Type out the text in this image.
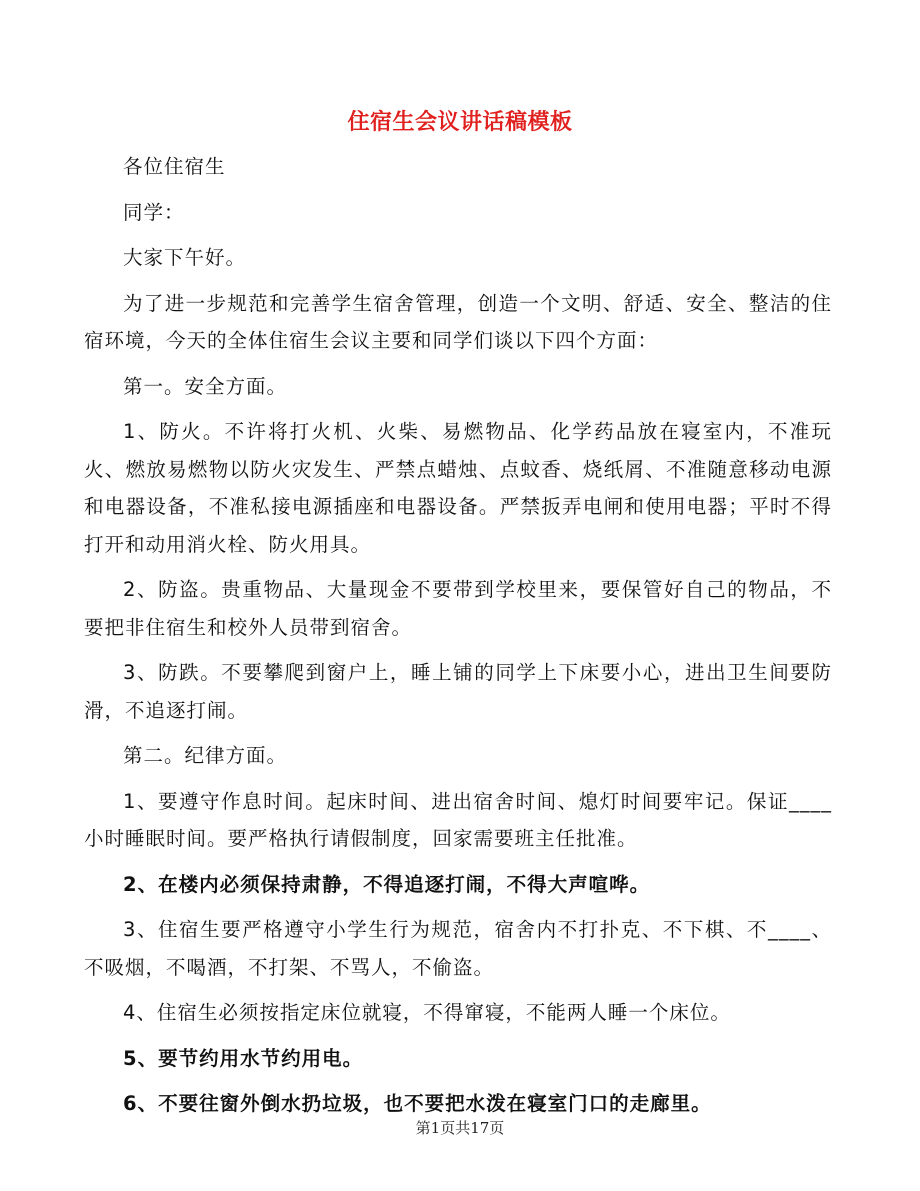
住宿生会议讲话稿模板

各位住宿生

同学：

大家下午好。

为了进一步规范和完善学生宿舍管理，创造一个文明、舒适、安全、整洁的住宿环境，今天的全体住宿生会议主要和同学们谈以下四个方面：

第一。安全方面。

1、防火。不许将打火机、火柴、易燃物品、化学药品放在寝室内，不准玩火、燃放易燃物以防火灾发生、严禁点蜡烛、点蚊香、烧纸屑、不准随意移动电源和电器设备，不准私接电源插座和电器设备。严禁扳弄电闸和使用电器；平时不得打开和动用消火栓、防火用具。

2、防盗。贵重物品、大量现金不要带到学校里来，要保管好自己的物品，不要把非住宿生和校外人员带到宿舍。

3、防跌。不要攀爬到窗户上，睡上铺的同学上下床要小心，进出卫生间要防滑，不追逐打闹。

第二。纪律方面。

1、要遵守作息时间。起床时间、进出宿舍时间、熄灯时间要牢记。保证____小时睡眠时间。要严格执行请假制度，回家需要班主任批准。

2、在楼内必须保持肃静，不得追逐打闹，不得大声喧哗。

3、住宿生要严格遵守小学生行为规范，宿舍内不打扑克、不下棋、不____、不吸烟，不喝酒，不打架、不骂人，不偷盗。

4、住宿生必须按指定床位就寝，不得窜寝，不能两人睡一个床位。

5、要节约用水节约用电。

6、不要往窗外倒水扔垃圾，也不要把水泼在寝室门口的走廊里。

第1页共17页
